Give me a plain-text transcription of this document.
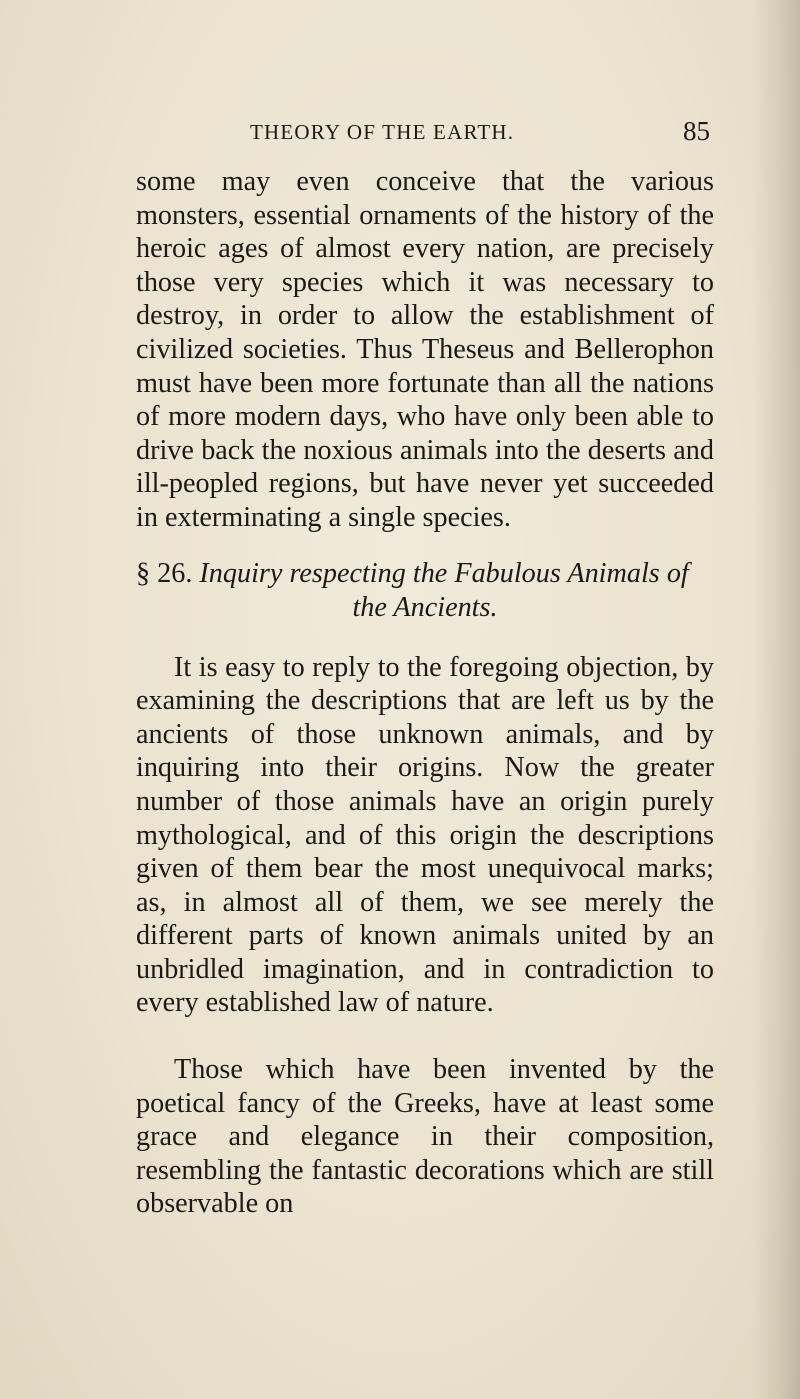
THEORY OF THE EARTH.	85

some may even conceive that the various monsters, essential ornaments of the history of the heroic ages of almost every nation, are precisely those very species which it was necessary to destroy, in order to allow the establishment of civilized societies. Thus Theseus and Bellerophon must have been more fortunate than all the nations of more modern days, who have only been able to drive back the noxious animals into the deserts and ill-peopled regions, but have never yet succeeded in exterminating a single species.

§ 26. Inquiry respecting the Fabulous Animals of
the Ancients.

It is easy to reply to the foregoing objection, by examining the descriptions that are left us by the ancients of those unknown animals, and by inquiring into their origins. Now the greater number of those animals have an origin purely mythological, and of this origin the descriptions given of them bear the most unequivocal marks; as, in almost all of them, we see merely the different parts of known animals united by an unbridled imagination, and in contradiction to every established law of nature.

Those which have been invented by the poetical fancy of the Greeks, have at least some grace and elegance in their composition, resembling the fantastic decorations which are still observable on
